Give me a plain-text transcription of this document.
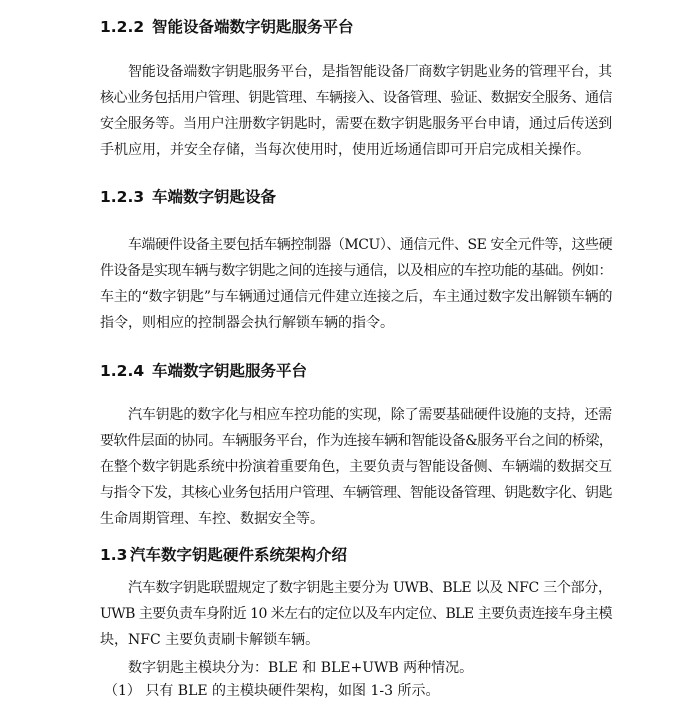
1.2.2 智能设备端数字钥匙服务平台
智能设备端数字钥匙服务平台，是指智能设备厂商数字钥匙业务的管理平台，其
核心业务包括用户管理、钥匙管理、车辆接入、设备管理、验证、数据安全服务、通信
安全服务等。当用户注册数字钥匙时，需要在数字钥匙服务平台申请，通过后传送到
手机应用，并安全存储，当每次使用时，使用近场通信即可开启完成相关操作。
1.2.3 车端数字钥匙设备
车端硬件设备主要包括车辆控制器（MCU）、通信元件、SE 安全元件等，这些硬
件设备是实现车辆与数字钥匙之间的连接与通信，以及相应的车控功能的基础。例如：
车主的“数字钥匙”与车辆通过通信元件建立连接之后，车主通过数字发出解锁车辆的
指令，则相应的控制器会执行解锁车辆的指令。
1.2.4 车端数字钥匙服务平台
汽车钥匙的数字化与相应车控功能的实现，除了需要基础硬件设施的支持，还需
要软件层面的协同。车辆服务平台，作为连接车辆和智能设备&服务平台之间的桥梁，
在整个数字钥匙系统中扮演着重要角色，主要负责与智能设备侧、车辆端的数据交互
与指令下发，其核心业务包括用户管理、车辆管理、智能设备管理、钥匙数字化、钥匙
生命周期管理、车控、数据安全等。
1.3 汽车数字钥匙硬件系统架构介绍
汽车数字钥匙联盟规定了数字钥匙主要分为 UWB、BLE 以及 NFC 三个部分，
UWB 主要负责车身附近 10 米左右的定位以及车内定位、BLE 主要负责连接车身主模
块，NFC 主要负责刷卡解锁车辆。
数字钥匙主模块分为：BLE 和 BLE+UWB 两种情况。
（1） 只有 BLE 的主模块硬件架构，如图 1-3 所示。
